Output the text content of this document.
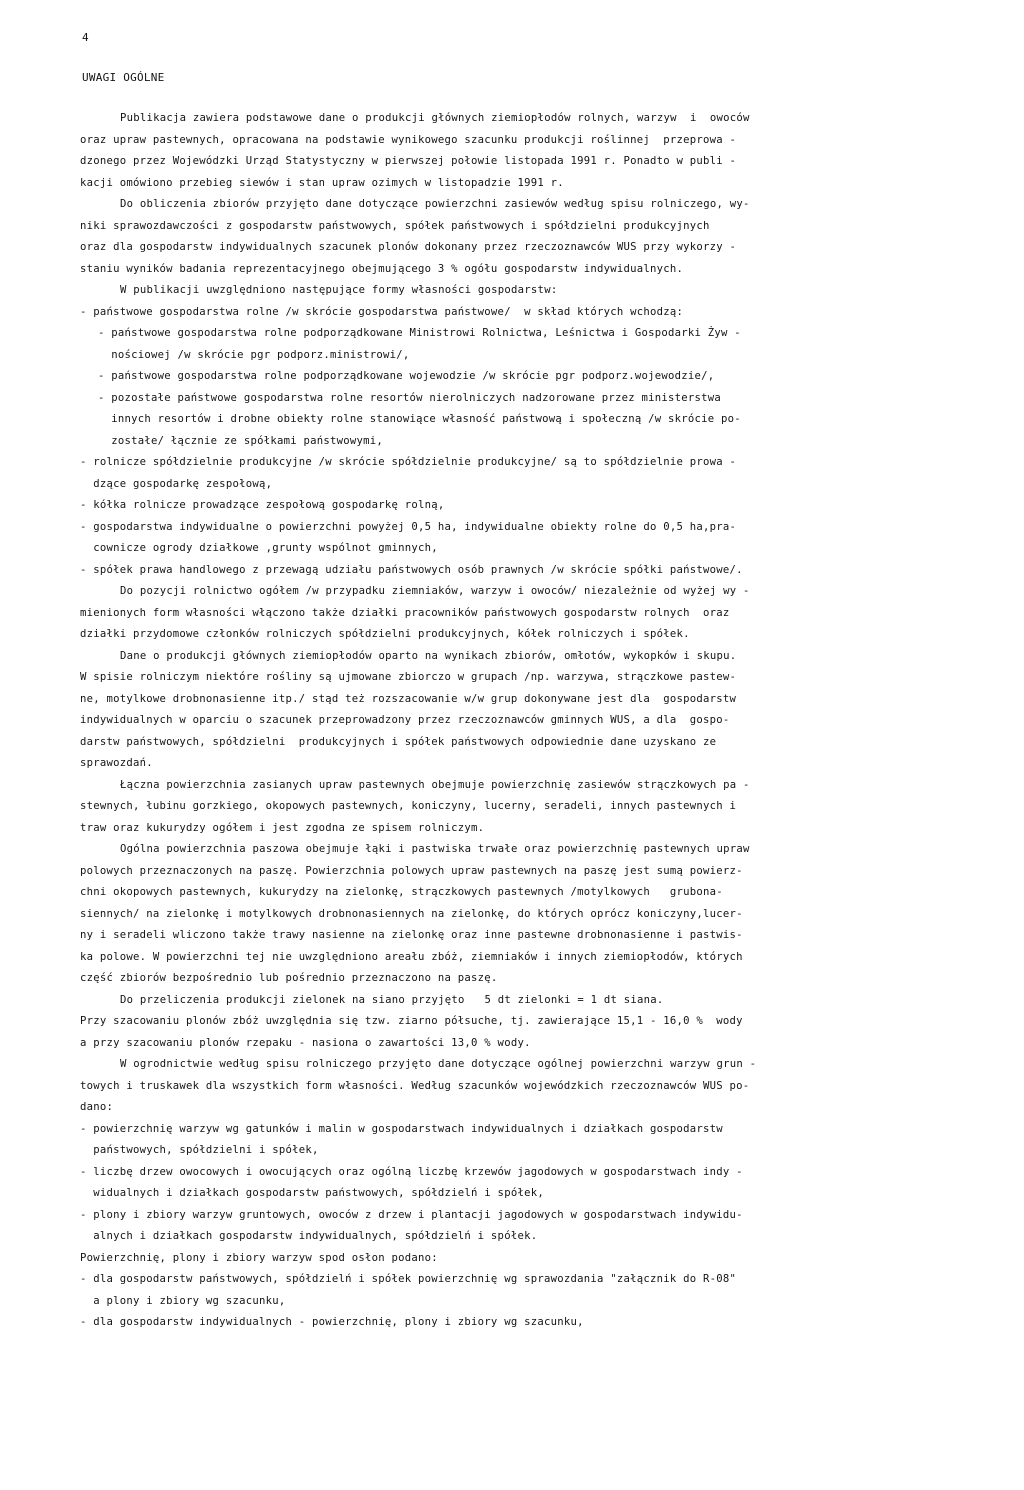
4
UWAGI OGÓLNE
Publikacja zawiera podstawowe dane o produkcji głównych ziemiopłodów rolnych, warzyw  i  owoców
oraz upraw pastewnych, opracowana na podstawie wynikowego szacunku produkcji roślinnej  przeprowa -
dzonego przez Wojewódzki Urząd Statystyczny w pierwszej połowie listopada 1991 r. Ponadto w publi -
kacji omówiono przebieg siewów i stan upraw ozimych w listopadzie 1991 r.
Do obliczenia zbiorów przyjęto dane dotyczące powierzchni zasiewów według spisu rolniczego, wy-
niki sprawozdawczości z gospodarstw państwowych, spółek państwowych i spółdzielni produkcyjnych
oraz dla gospodarstw indywidualnych szacunek plonów dokonany przez rzeczoznawców WUS przy wykorzy -
staniu wyników badania reprezentacyjnego obejmującego 3 % ogółu gospodarstw indywidualnych.
W publikacji uwzględniono następujące formy własności gospodarstw:
- państwowe gospodarstwa rolne /w skrócie gospodarstwa państwowe/  w skład których wchodzą:
- państwowe gospodarstwa rolne podporządkowane Ministrowi Rolnictwa, Leśnictwa i Gospodarki Żyw -
nościowej /w skrócie pgr podporz.ministrowi/,
- państwowe gospodarstwa rolne podporządkowane wojewodzie /w skrócie pgr podporz.wojewodzie/,
- pozostałe państwowe gospodarstwa rolne resortów nierolniczych nadzorowane przez ministerstwa
innych resortów i drobne obiekty rolne stanowiące własność państwową i społeczną /w skrócie po-
zostałe/ łącznie ze spółkami państwowymi,
- rolnicze spółdzielnie produkcyjne /w skrócie spółdzielnie produkcyjne/ są to spółdzielnie prowa -
dzące gospodarkę zespołową,
- kółka rolnicze prowadzące zespołową gospodarkę rolną,
- gospodarstwa indywidualne o powierzchni powyżej 0,5 ha, indywidualne obiekty rolne do 0,5 ha,pra-
cownicze ogrody działkowe ,grunty wspólnot gminnych,
- spółek prawa handlowego z przewagą udziału państwowych osób prawnych /w skrócie spółki państwowe/.
Do pozycji rolnictwo ogółem /w przypadku ziemniaków, warzyw i owoców/ niezależnie od wyżej wy -
mienionych form własności włączono także działki pracowników państwowych gospodarstw rolnych  oraz
działki przydomowe członków rolniczych spółdzielni produkcyjnych, kółek rolniczych i spółek.
Dane o produkcji głównych ziemiopłodów oparto na wynikach zbiorów, omłotów, wykopków i skupu.
W spisie rolniczym niektóre rośliny są ujmowane zbiorczo w grupach /np. warzywa, strączkowe pastew-
ne, motylkowe drobnonasienne itp./ stąd też rozszacowanie w/w grup dokonywane jest dla  gospodarstw
indywidualnych w oparciu o szacunek przeprowadzony przez rzeczoznawców gminnych WUS, a dla  gospo-
darstw państwowych, spółdzielni  produkcyjnych i spółek państwowych odpowiednie dane uzyskano ze
sprawozdań.
Łączna powierzchnia zasianych upraw pastewnych obejmuje powierzchnię zasiewów strączkowych pa -
stewnych, łubinu gorzkiego, okopowych pastewnych, koniczyny, lucerny, seradeli, innych pastewnych i
traw oraz kukurydzy ogółem i jest zgodna ze spisem rolniczym.
Ogólna powierzchnia paszowa obejmuje łąki i pastwiska trwałe oraz powierzchnię pastewnych upraw
polowych przeznaczonych na paszę. Powierzchnia polowych upraw pastewnych na paszę jest sumą powierz-
chni okopowych pastewnych, kukurydzy na zielonkę, strączkowych pastewnych /motylkowych   grubonа-
siennych/ na zielonkę i motylkowych drobnonasiennych na zielonkę, do których oprócz koniczyny,lucer-
ny i seradeli wliczono także trawy nasienne na zielonkę oraz inne pastewne drobnonasienne i pastwis-
ka polowe. W powierzchni tej nie uwzględniono areału zbóż, ziemniaków i innych ziemiopłodów, których
część zbiorów bezpośrednio lub pośrednio przeznaczono na paszę.
Do przeliczenia produkcji zielonek na siano przyjęto   5 dt zielonki = 1 dt siana.
Przy szacowaniu plonów zbóż uwzględnia się tzw. ziarno półsuche, tj. zawierające 15,1 - 16,0 %  wody
a przy szacowaniu plonów rzepaku - nasiona o zawartości 13,0 % wody.
W ogrodnictwie według spisu rolniczego przyjęto dane dotyczące ogólnej powierzchni warzyw grun -
towych i truskawek dla wszystkich form własności. Według szacunków wojewódzkich rzeczoznawców WUS po-
dano:
- powierzchnię warzyw wg gatunków i malin w gospodarstwach indywidualnych i działkach gospodarstw
państwowych, spółdzielni i spółek,
- liczbę drzew owocowych i owocujących oraz ogólną liczbę krzewów jagodowych w gospodarstwach indy -
widualnych i działkach gospodarstw państwowych, spółdzielń i spółek,
- plony i zbiory warzyw gruntowych, owoców z drzew i plantacji jagodowych w gospodarstwach indywidu-
alnych i działkach gospodarstw indywidualnych, spółdzielń i spółek.
Powierzchnię, plony i zbiory warzyw spod osłon podano:
- dla gospodarstw państwowych, spółdzielń i spółek powierzchnię wg sprawozdania "załącznik do R-08"
a plony i zbiory wg szacunku,
- dla gospodarstw indywidualnych - powierzchnię, plony i zbiory wg szacunku,
